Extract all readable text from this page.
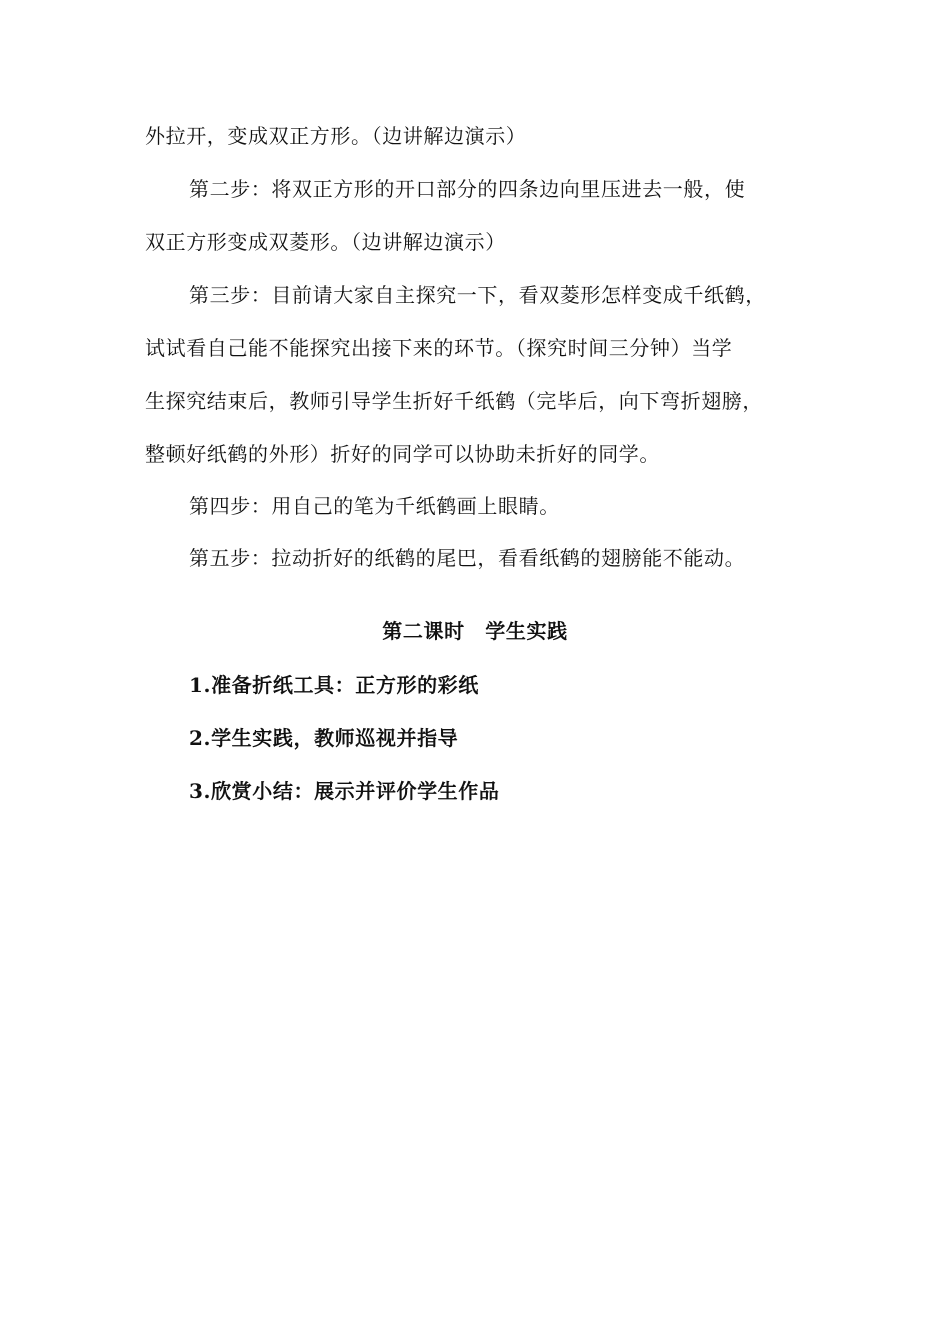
外拉开，变成双正方形。（边讲解边演示）
第二步：将双正方形的开口部分的四条边向里压进去一般，使
双正方形变成双菱形。（边讲解边演示）
第三步：目前请大家自主探究一下，看双菱形怎样变成千纸鹤，
试试看自己能不能探究出接下来的环节。（探究时间三分钟）当学
生探究结束后，教师引导学生折好千纸鹤（完毕后，向下弯折翅膀，
整顿好纸鹤的外形）折好的同学可以协助未折好的同学。
第四步：用自己的笔为千纸鹤画上眼睛。
第五步：拉动折好的纸鹤的尾巴，看看纸鹤的翅膀能不能动。
第二课时　学生实践
1.准备折纸工具：正方形的彩纸
2.学生实践，教师巡视并指导
3.欣赏小结：展示并评价学生作品
